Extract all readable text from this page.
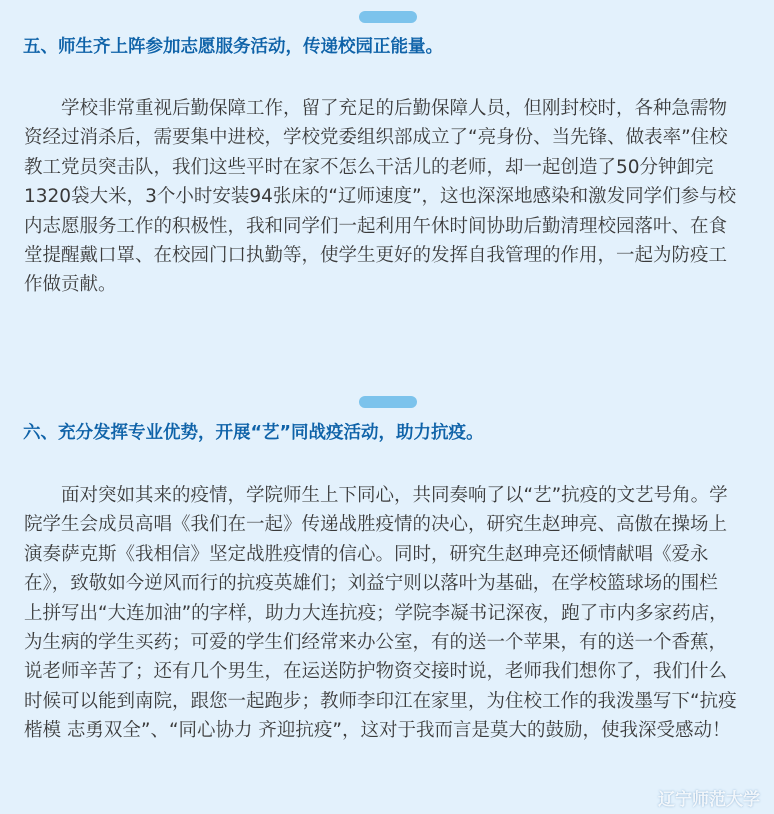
五、师生齐上阵参加志愿服务活动，传递校园正能量。
学校非常重视后勤保障工作，留了充足的后勤保障人员，但刚封校时，各种急需物
资经过消杀后，需要集中进校，学校党委组织部成立了“亮身份、当先锋、做表率”住校
教工党员突击队，我们这些平时在家不怎么干活儿的老师，却一起创造了50分钟卸完
1320袋大米，3个小时安装94张床的“辽师速度”，这也深深地感染和激发同学们参与校
内志愿服务工作的积极性，我和同学们一起利用午休时间协助后勤清理校园落叶、在食
堂提醒戴口罩、在校园门口执勤等，使学生更好的发挥自我管理的作用，一起为防疫工
作做贡献。
六、充分发挥专业优势，开展“艺”同战疫活动，助力抗疫。
面对突如其来的疫情，学院师生上下同心，共同奏响了以“艺”抗疫的文艺号角。学
院学生会成员高唱《我们在一起》传递战胜疫情的决心，研究生赵珅亮、高傲在操场上
演奏萨克斯《我相信》坚定战胜疫情的信心。同时，研究生赵珅亮还倾情献唱《爱永
在》，致敬如今逆风而行的抗疫英雄们；刘益宁则以落叶为基础，在学校篮球场的围栏
上拼写出“大连加油”的字样，助力大连抗疫；学院李凝书记深夜，跑了市内多家药店，
为生病的学生买药；可爱的学生们经常来办公室，有的送一个苹果，有的送一个香蕉，
说老师辛苦了；还有几个男生，在运送防护物资交接时说，老师我们想你了，我们什么
时候可以能到南院，跟您一起跑步；教师李印江在家里，为住校工作的我泼墨写下“抗疫
楷模 志勇双全”、“同心协力 齐迎抗疫”，这对于我而言是莫大的鼓励，使我深受感动！
辽宁师范大学
